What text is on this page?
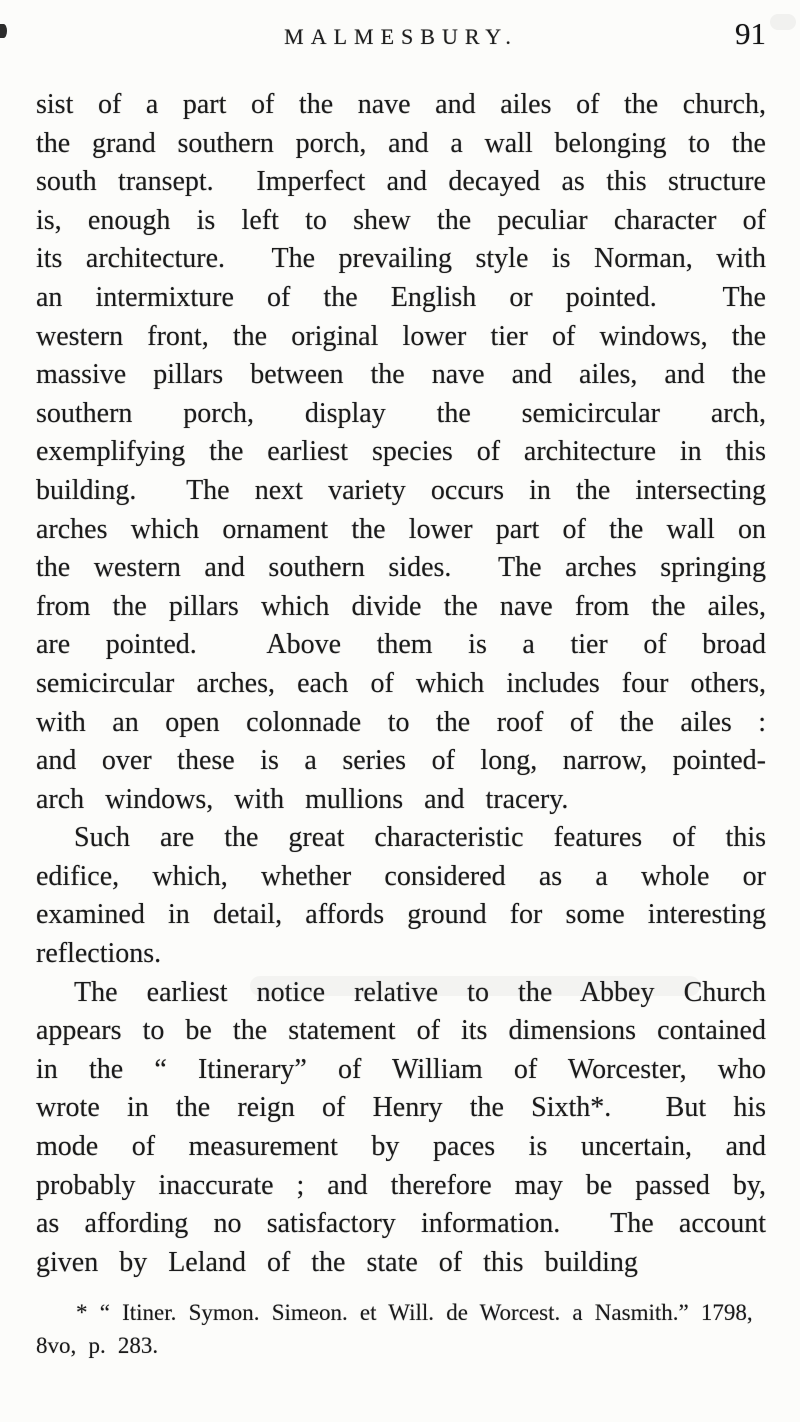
MALMESBURY.	91

sist of a part of the nave and ailes of the church, the grand southern porch, and a wall belonging to the south transept.  Imperfect and decayed as this structure is, enough is left to shew the peculiar character of its architecture.  The prevailing style is Norman, with an intermixture of the English or pointed.  The western front, the original lower tier of windows, the massive pillars between the nave and ailes, and the southern porch, display the semicircular arch, exemplifying the earliest species of architecture in this building.  The next variety occurs in the intersecting arches which ornament the lower part of the wall on the western and southern sides.  The arches springing from the pillars which divide the nave from the ailes, are pointed.  Above them is a tier of broad semicircular arches, each of which includes four others, with an open colonnade to the roof of the ailes : and over these is a series of long, narrow, pointed-arch windows, with mullions and tracery.

Such are the great characteristic features of this edifice, which, whether considered as a whole or examined in detail, affords ground for some interesting reflections.

The earliest notice relative to the Abbey Church appears to be the statement of its dimensions contained in the “ Itinerary” of William of Worcester, who wrote in the reign of Henry the Sixth*.  But his mode of measurement by paces is uncertain, and probably inaccurate ; and therefore may be passed by, as affording no satisfactory information.  The account given by Leland of the state of this building

* “ Itiner. Symon. Simeon. et Will. de Worcest. a Nasmith.” 1798, 8vo, p. 283.
